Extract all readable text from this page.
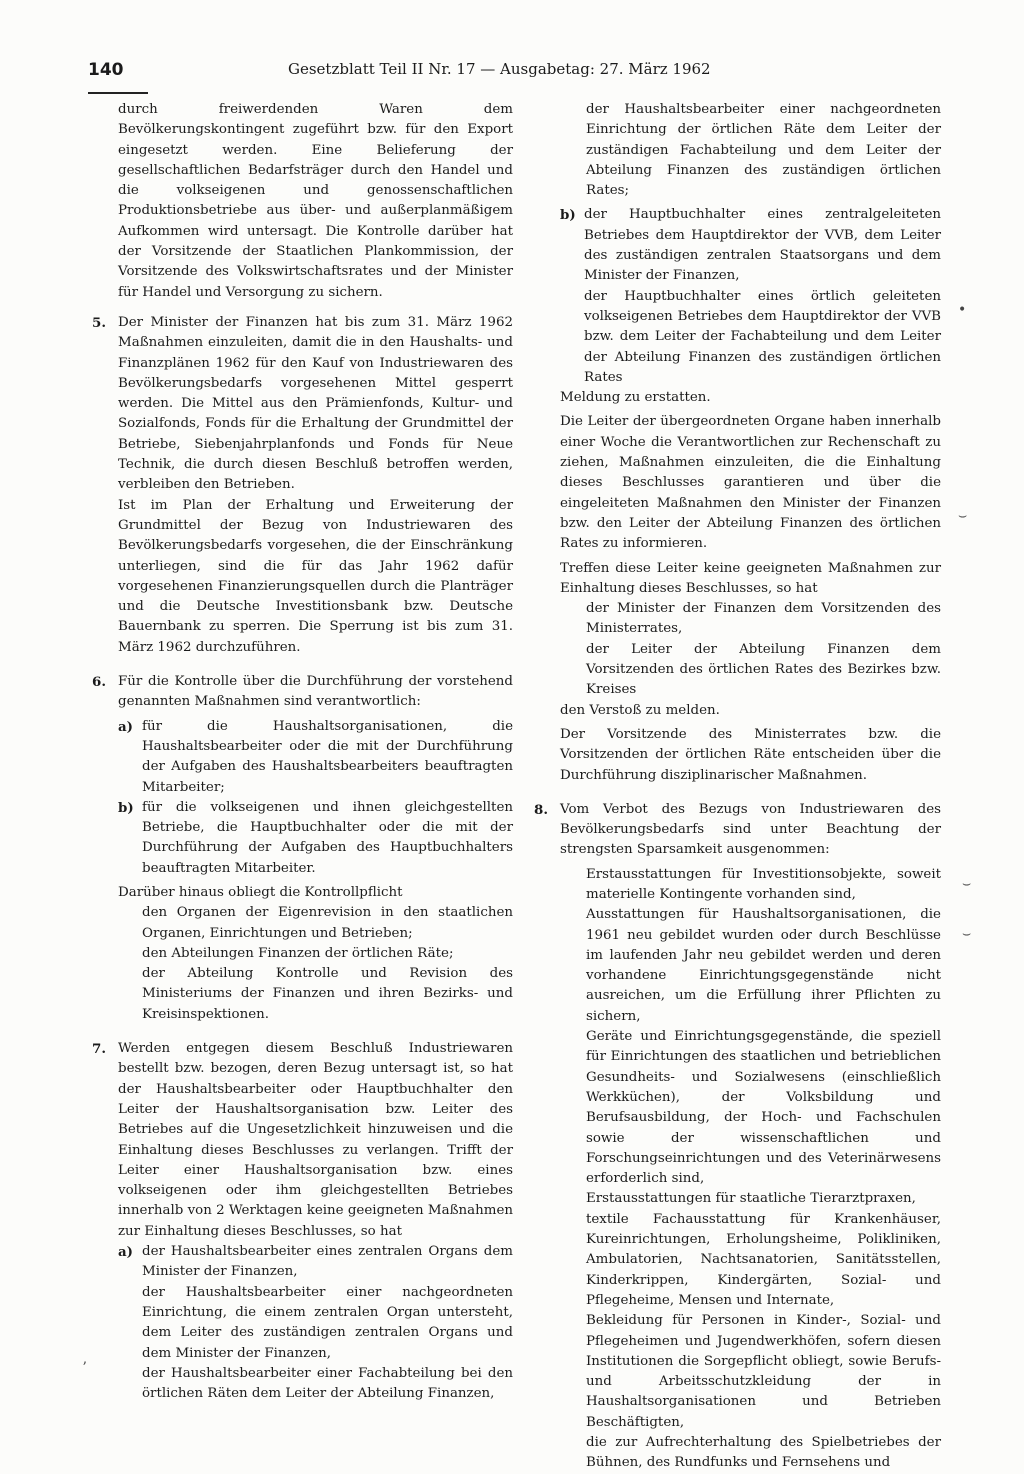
140	Gesetzblatt Teil II Nr. 17 — Ausgabetag: 27. März 1962

durch freiwerdenden Waren dem Bevölkerungskontingent zugeführt bzw. für den Export eingesetzt werden. Eine Belieferung der gesellschaftlichen Bedarfsträger durch den Handel und die volkseigenen und genossenschaftlichen Produktionsbetriebe aus über- und außerplanmäßigem Aufkommen wird untersagt. Die Kontrolle darüber hat der Vorsitzende der Staatlichen Plankommission, der Vorsitzende des Volkswirtschaftsrates und der Minister für Handel und Versorgung zu sichern.

5. Der Minister der Finanzen hat bis zum 31. März 1962 Maßnahmen einzuleiten, damit die in den Haushalts- und Finanzplänen 1962 für den Kauf von Industriewaren des Bevölkerungsbedarfs vorgesehenen Mittel gesperrt werden. Die Mittel aus den Prämienfonds, Kultur- und Sozialfonds, Fonds für die Erhaltung der Grundmittel der Betriebe, Siebenjahrplanfonds und Fonds für Neue Technik, die durch diesen Beschluß betroffen werden, verbleiben den Betrieben.

Ist im Plan der Erhaltung und Erweiterung der Grundmittel der Bezug von Industriewaren des Bevölkerungsbedarfs vorgesehen, die der Einschränkung unterliegen, sind die für das Jahr 1962 dafür vorgesehenen Finanzierungsquellen durch die Planträger und die Deutsche Investitionsbank bzw. Deutsche Bauernbank zu sperren. Die Sperrung ist bis zum 31. März 1962 durchzuführen.

6. Für die Kontrolle über die Durchführung der vorstehend genannten Maßnahmen sind verantwortlich:

a) für die Haushaltsorganisationen, die Haushaltsbearbeiter oder die mit der Durchführung der Aufgaben des Haushaltsbearbeiters beauftragten Mitarbeiter;

b) für die volkseigenen und ihnen gleichgestellten Betriebe, die Hauptbuchhalter oder die mit der Durchführung der Aufgaben des Hauptbuchhalters beauftragten Mitarbeiter.

Darüber hinaus obliegt die Kontrollpflicht

den Organen der Eigenrevision in den staatlichen Organen, Einrichtungen und Betrieben;

den Abteilungen Finanzen der örtlichen Räte;

der Abteilung Kontrolle und Revision des Ministeriums der Finanzen und ihren Bezirks- und Kreisinspektionen.

7. Werden entgegen diesem Beschluß Industriewaren bestellt bzw. bezogen, deren Bezug untersagt ist, so hat der Haushaltsbearbeiter oder Hauptbuchhalter den Leiter der Haushaltsorganisation bzw. Leiter des Betriebes auf die Ungesetzlichkeit hinzuweisen und die Einhaltung dieses Beschlusses zu verlangen. Trifft der Leiter einer Haushaltsorganisation bzw. eines volkseigenen oder ihm gleichgestellten Betriebes innerhalb von 2 Werktagen keine geeigneten Maßnahmen zur Einhaltung dieses Beschlusses, so hat

a) der Haushaltsbearbeiter eines zentralen Organs dem Minister der Finanzen,

der Haushaltsbearbeiter einer nachgeordneten Einrichtung, die einem zentralen Organ untersteht, dem Leiter des zuständigen zentralen Organs und dem Minister der Finanzen,

der Haushaltsbearbeiter einer Fachabteilung bei den örtlichen Räten dem Leiter der Abteilung Finanzen,

der Haushaltsbearbeiter einer nachgeordneten Einrichtung der örtlichen Räte dem Leiter der zuständigen Fachabteilung und dem Leiter der Abteilung Finanzen des zuständigen örtlichen Rates;

b) der Hauptbuchhalter eines zentralgeleiteten Betriebes dem Hauptdirektor der VVB, dem Leiter des zuständigen zentralen Staatsorgans und dem Minister der Finanzen,

der Hauptbuchhalter eines örtlich geleiteten volkseigenen Betriebes dem Hauptdirektor der VVB bzw. dem Leiter der Fachabteilung und dem Leiter der Abteilung Finanzen des zuständigen örtlichen Rates

Meldung zu erstatten.

Die Leiter der übergeordneten Organe haben innerhalb einer Woche die Verantwortlichen zur Rechenschaft zu ziehen, Maßnahmen einzuleiten, die die Einhaltung dieses Beschlusses garantieren und über die eingeleiteten Maßnahmen den Minister der Finanzen bzw. den Leiter der Abteilung Finanzen des örtlichen Rates zu informieren.

Treffen diese Leiter keine geeigneten Maßnahmen zur Einhaltung dieses Beschlusses, so hat

der Minister der Finanzen dem Vorsitzenden des Ministerrates,

der Leiter der Abteilung Finanzen dem Vorsitzenden des örtlichen Rates des Bezirkes bzw. Kreises

den Verstoß zu melden.

Der Vorsitzende des Ministerrates bzw. die Vorsitzenden der örtlichen Räte entscheiden über die Durchführung disziplinarischer Maßnahmen.

8. Vom Verbot des Bezugs von Industriewaren des Bevölkerungsbedarfs sind unter Beachtung der strengsten Sparsamkeit ausgenommen:

Erstausstattungen für Investitionsobjekte, soweit materielle Kontingente vorhanden sind,

Ausstattungen für Haushaltsorganisationen, die 1961 neu gebildet wurden oder durch Beschlüsse im laufenden Jahr neu gebildet werden und deren vorhandene Einrichtungsgegenstände nicht ausreichen, um die Erfüllung ihrer Pflichten zu sichern,

Geräte und Einrichtungsgegenstände, die speziell für Einrichtungen des staatlichen und betrieblichen Gesundheits- und Sozialwesens (einschließlich Werkküchen), der Volksbildung und Berufsausbildung, der Hoch- und Fachschulen sowie der wissenschaftlichen und Forschungseinrichtungen und des Veterinärwesens erforderlich sind,

Erstausstattungen für staatliche Tierarztpraxen,

textile Fachausstattung für Krankenhäuser, Kureinrichtungen, Erholungsheime, Polikliniken, Ambulatorien, Nachtsanatorien, Sanitätsstellen, Kinderkrippen, Kindergärten, Sozial- und Pflegeheime, Mensen und Internate,

Bekleidung für Personen in Kinder-, Sozial- und Pflegeheimen und Jugendwerkhöfen, sofern diesen Institutionen die Sorgepflicht obliegt, sowie Berufs- und Arbeitsschutzkleidung der in Haushaltsorganisationen und Betrieben Beschäftigten,

die zur Aufrechterhaltung des Spielbetriebes der Bühnen, des Rundfunks und Fernsehens und

•
⌣
⌣
⌣
ʼ
